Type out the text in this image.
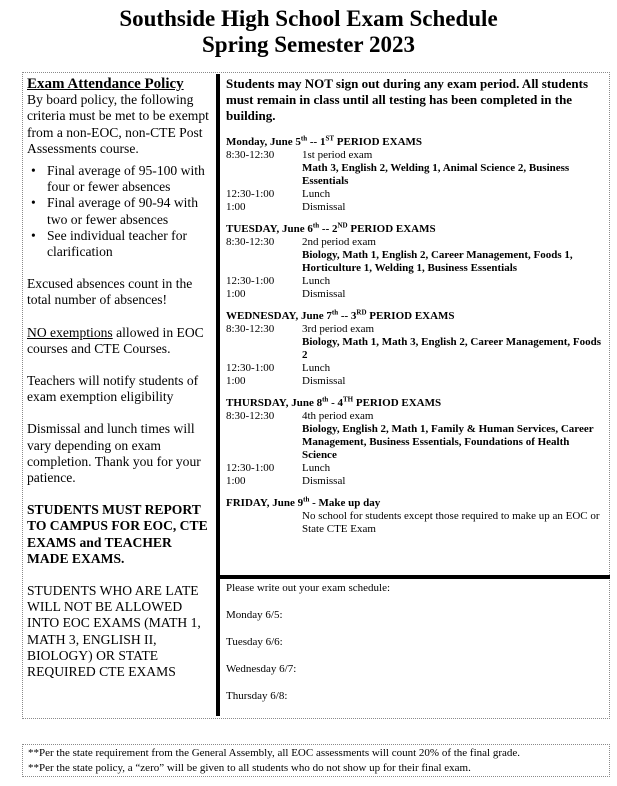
Southside High School Exam Schedule
Spring Semester 2023

Exam Attendance Policy

By board policy, the following criteria must be met to be exempt from a non-EOC, non-CTE Post Assessments course.

• Final average of 95-100 with four or fewer absences
• Final average of 90-94 with two or fewer absences
• See individual teacher for clarification

Excused absences count in the total number of absences!

NO exemptions allowed in EOC courses and CTE Courses.

Teachers will notify students of exam exemption eligibility

Dismissal and lunch times will vary depending on exam completion. Thank you for your patience.

STUDENTS MUST REPORT TO CAMPUS FOR EOC, CTE EXAMS and TEACHER MADE EXAMS.

STUDENTS WHO ARE LATE WILL NOT BE ALLOWED INTO EOC EXAMS (MATH 1, MATH 3, ENGLISH II, BIOLOGY) OR STATE REQUIRED CTE EXAMS

Students may NOT sign out during any exam period. All students must remain in class until all testing has been completed in the building.

Monday, June 5th -- 1ST PERIOD EXAMS

8:30-12:30	1st period exam
Math 3, English 2, Welding 1, Animal Science 2, Business Essentials
12:30-1:00	Lunch
1:00	Dismissal

TUESDAY, June 6th -- 2ND PERIOD EXAMS

8:30-12:30	2nd period exam
Biology, Math 1, English 2, Career Management, Foods 1, Horticulture 1, Welding 1, Business Essentials
12:30-1:00	Lunch
1:00	Dismissal

WEDNESDAY, June 7th -- 3RD PERIOD EXAMS

8:30-12:30	3rd period exam
Biology, Math 1, Math 3, English 2, Career Management, Foods 2
12:30-1:00	Lunch
1:00	Dismissal

THURSDAY, June 8th - 4TH PERIOD EXAMS

8:30-12:30	4th period exam
Biology, English 2, Math 1, Family & Human Services, Career Management, Business Essentials, Foundations of Health Science
12:30-1:00	Lunch
1:00	Dismissal

FRIDAY, June 9th - Make up day

No school for students except those required to make up an EOC or State CTE Exam
Please write out your exam schedule:
Monday 6/5:
Tuesday 6/6:
Wednesday 6/7:
Thursday 6/8:
**Per the state requirement from the General Assembly, all EOC assessments will count 20% of the final grade.
**Per the state policy, a “zero” will be given to all students who do not show up for their final exam.
